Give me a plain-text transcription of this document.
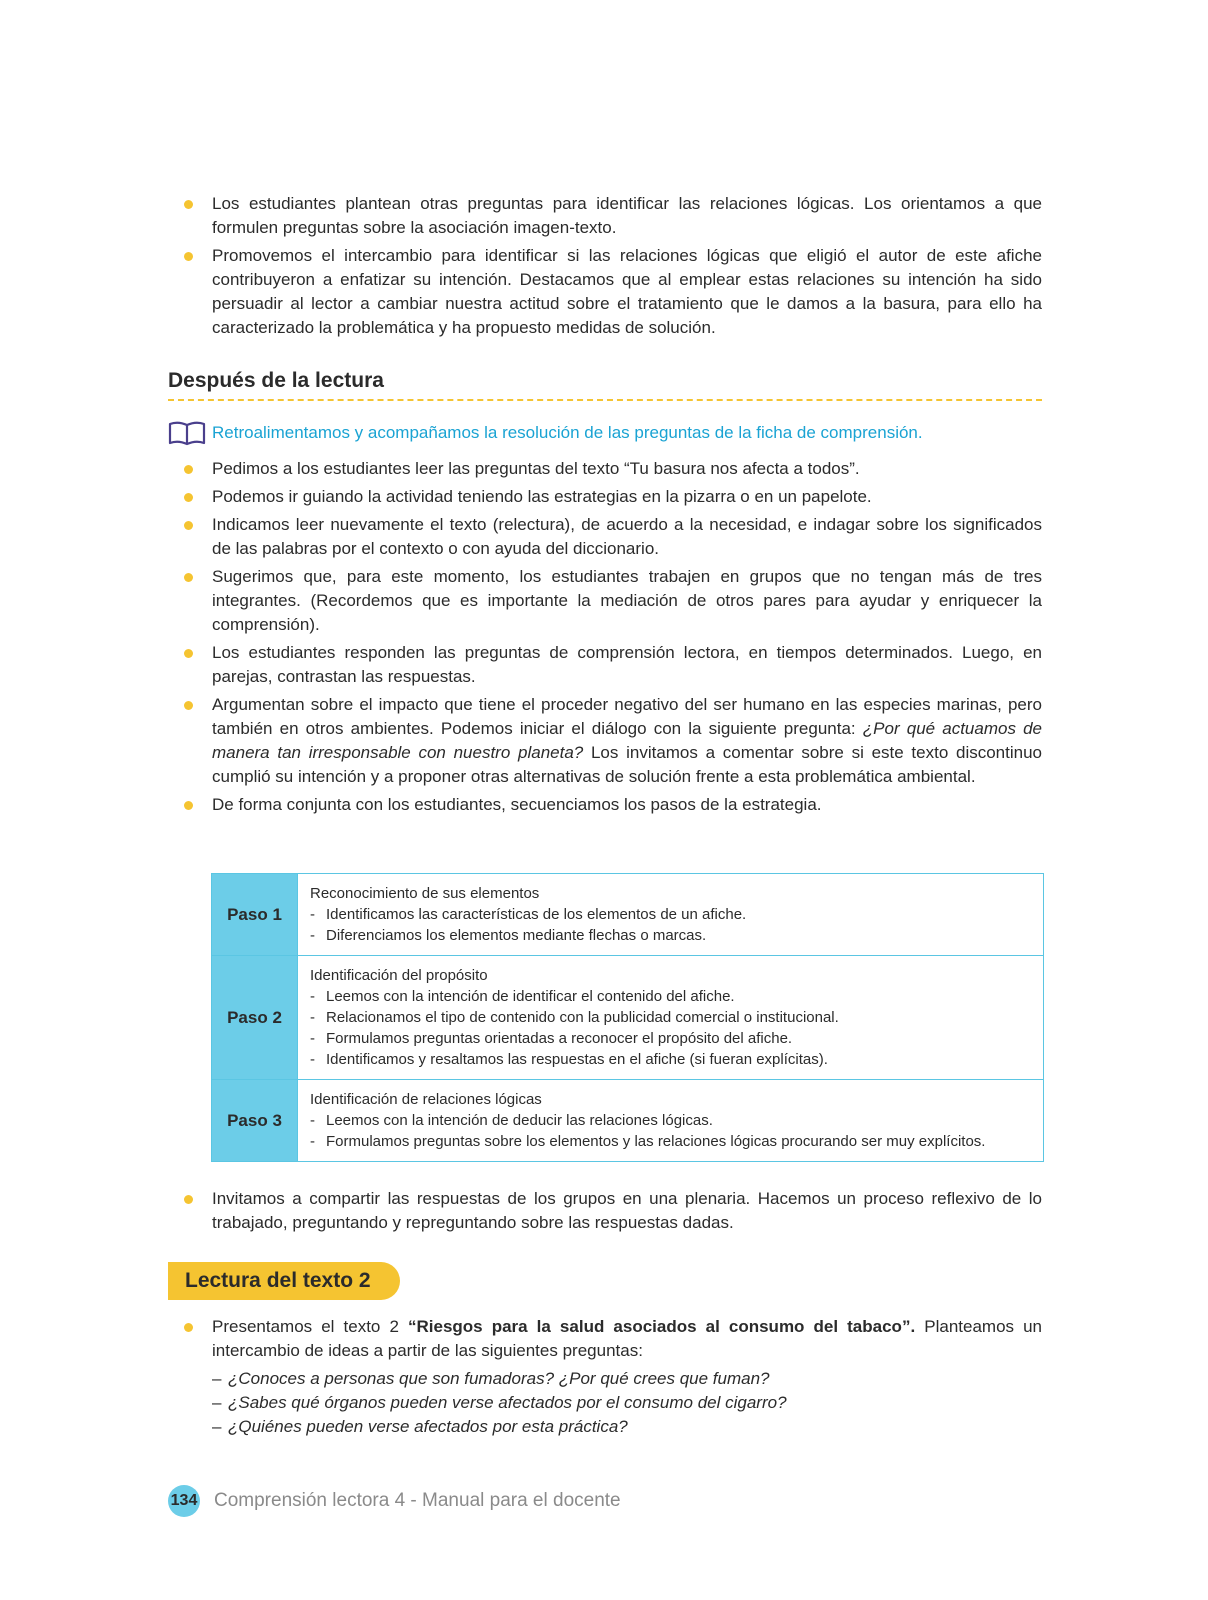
Los estudiantes plantean otras preguntas para identificar las relaciones lógicas. Los orientamos a que formulen preguntas sobre la asociación imagen-texto.
Promovemos el intercambio para identificar si las relaciones lógicas que eligió el autor de este afiche contribuyeron a enfatizar su intención. Destacamos que al emplear estas relaciones su intención ha sido persuadir al lector a cambiar nuestra actitud sobre el tratamiento que le damos a la basura, para ello ha caracterizado la problemática y ha propuesto medidas de solución.
Después de la lectura
Retroalimentamos y acompañamos la resolución de las preguntas de la ficha de comprensión.
Pedimos a los estudiantes leer las preguntas del texto “Tu basura nos afecta a todos”.
Podemos ir guiando la actividad teniendo las estrategias en la pizarra o en un papelote.
Indicamos leer nuevamente el texto (relectura), de acuerdo a la necesidad, e indagar sobre los significados de las palabras por el contexto o con ayuda del diccionario.
Sugerimos que, para este momento, los estudiantes trabajen en grupos que no tengan más de tres integrantes. (Recordemos que es importante la mediación de otros pares para ayudar y enriquecer la comprensión).
Los estudiantes responden las preguntas de comprensión lectora, en tiempos determinados. Luego, en parejas, contrastan las respuestas.
Argumentan sobre el impacto que tiene el proceder negativo del ser humano en las especies marinas, pero también en otros ambientes. Podemos iniciar el diálogo con la siguiente pregunta: ¿Por qué actuamos de manera tan irresponsable con nuestro planeta? Los invitamos a comentar sobre si este texto discontinuo cumplió su intención y a proponer otras alternativas de solución frente a esta problemática ambiental.
De forma conjunta con los estudiantes, secuenciamos los pasos de la estrategia.
Paso 1	Reconocimiento de sus elementos
- Identificamos las características de los elementos de un afiche.
- Diferenciamos los elementos mediante flechas o marcas.

Paso 2	Identificación del propósito
- Leemos con la intención de identificar el contenido del afiche.
- Relacionamos el tipo de contenido con la publicidad comercial o institucional.
- Formulamos preguntas orientadas a reconocer el propósito del afiche.
- Identificamos y resaltamos las respuestas en el afiche (si fueran explícitas).

Paso 3	Identificación de relaciones lógicas
- Leemos con la intención de deducir las relaciones lógicas.
- Formulamos preguntas sobre los elementos y las relaciones lógicas procurando ser muy explícitos.
Invitamos a compartir las respuestas de los grupos en una plenaria. Hacemos un proceso reflexivo de lo trabajado, preguntando y repreguntando sobre las respuestas dadas.
Lectura del texto 2
Presentamos el texto 2 “Riesgos para la salud asociados al consumo del tabaco”. Planteamos un intercambio de ideas a partir de las siguientes preguntas:
– ¿Conoces a personas que son fumadoras? ¿Por qué crees que fuman?
– ¿Sabes qué órganos pueden verse afectados por el consumo del cigarro?
– ¿Quiénes pueden verse afectados por esta práctica?
134 Comprensión lectora 4 - Manual para el docente
